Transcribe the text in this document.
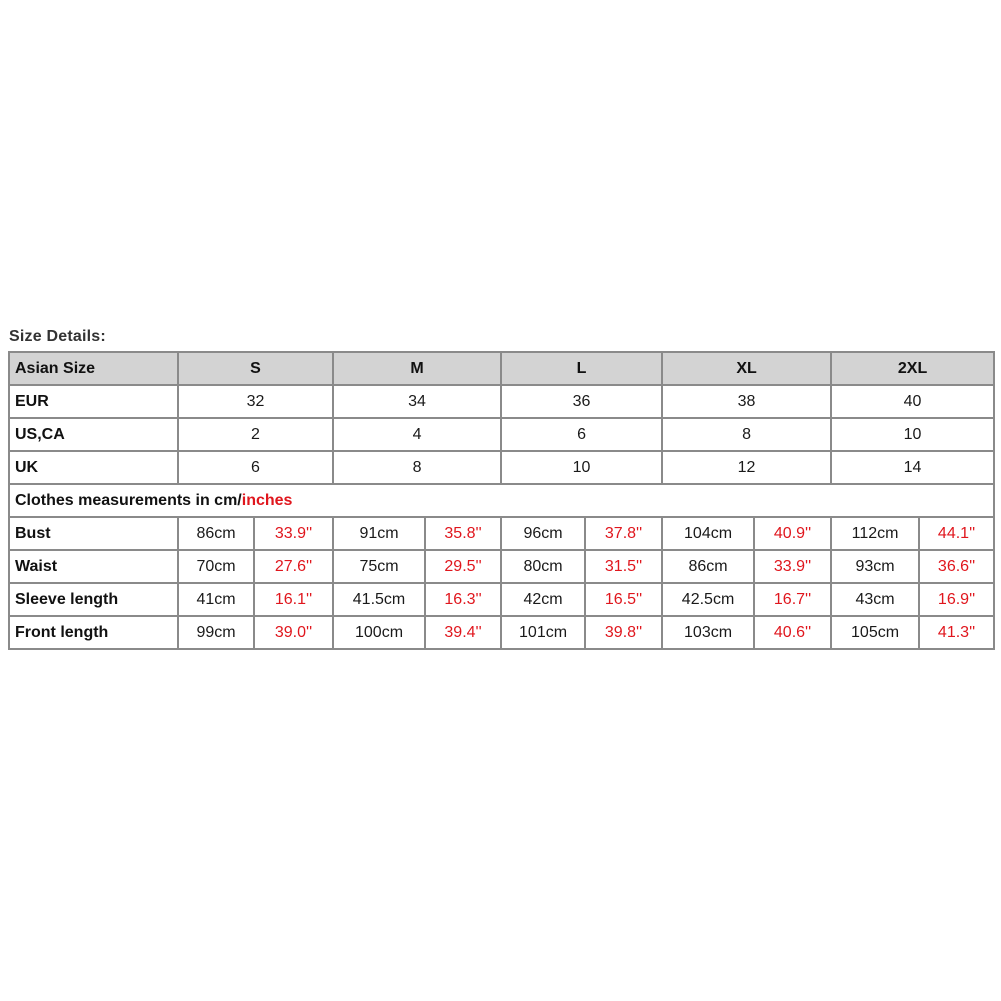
Size Details:
Asian Size	S		M		L		XL		2XL	
EUR	32		34		36		38		40	
US,CA	2		4		6		8		10	
UK	6		8		10		12		14	
Clothes measurements in cm/inches										
Bust	86cm	33.9''	91cm	35.8''	96cm	37.8''	104cm	40.9''	112cm	44.1''
Waist	70cm	27.6''	75cm	29.5''	80cm	31.5''	86cm	33.9''	93cm	36.6''
Sleeve length	41cm	16.1''	41.5cm	16.3''	42cm	16.5''	42.5cm	16.7''	43cm	16.9''
Front length	99cm	39.0''	100cm	39.4''	101cm	39.8''	103cm	40.6''	105cm	41.3''
